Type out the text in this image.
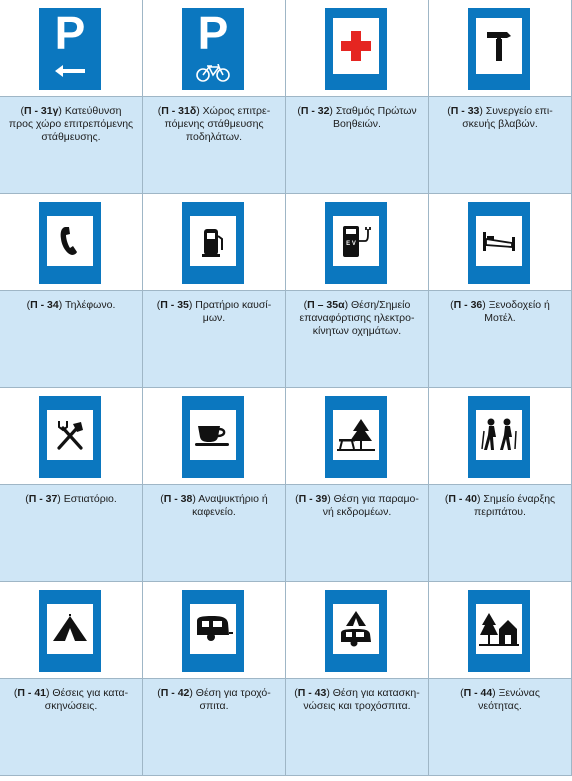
P	P
(Π - 31γ) Κατεύθυνση προς χώρο επιτρεπόμενης στάθμευσης.
(Π - 31δ) Χώρος επιτρε-πόμενης στάθμευσης ποδηλάτων.
(Π - 32) Σταθμός Πρώτων Βοηθειών.
(Π - 33) Συνεργείο επι-σκευής βλαβών.
E V
(Π - 34) Τηλέφωνο.	(Π - 35) Πρατήριο καυσί-μων.
(Π – 35α) Θέση/Σημείο επαναφόρτισης ηλεκτρο-κίνητων οχημάτων.
(Π - 36) Ξενοδοχείο ή Μοτέλ.
(Π - 37) Εστιατόριο.	(Π - 38) Αναψυκτήριο ή καφενείο.
(Π - 39) Θέση για παραμο-νή εκδρομέων.
(Π - 40) Σημείο έναρξης περιπάτου.
(Π - 41) Θέσεις για κατα-σκηνώσεις.
(Π - 42) Θέση για τροχό-σπιτα.
(Π - 43) Θέση για κατασκη-νώσεις και τροχόσπιτα.
(Π - 44) Ξενώνας νεότητας.
